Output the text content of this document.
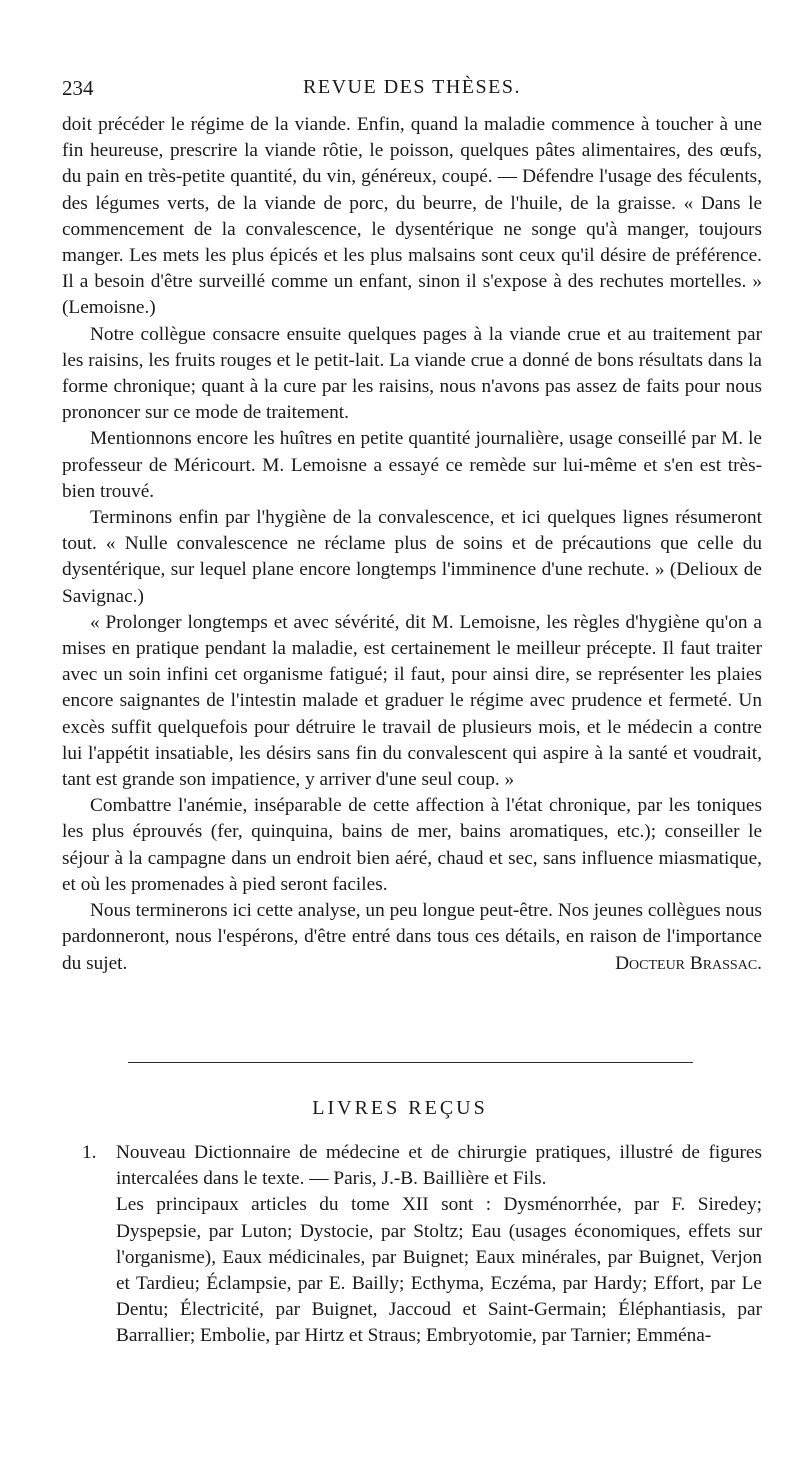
234	REVUE DES THÈSES.

doit précéder le régime de la viande. Enfin, quand la maladie commence à toucher à une fin heureuse, prescrire la viande rôtie, le poisson, quelques pâtes alimentaires, des œufs, du pain en très-petite quantité, du vin, généreux, coupé. — Défendre l'usage des féculents, des légumes verts, de la viande de porc, du beurre, de l'huile, de la graisse. « Dans le commencement de la convalescence, le dysentérique ne songe qu'à manger, toujours manger. Les mets les plus épicés et les plus malsains sont ceux qu'il désire de préférence. Il a besoin d'être surveillé comme un enfant, sinon il s'expose à des rechutes mortelles. » (Lemoisne.)

Notre collègue consacre ensuite quelques pages à la viande crue et au traitement par les raisins, les fruits rouges et le petit-lait. La viande crue a donné de bons résultats dans la forme chronique; quant à la cure par les raisins, nous n'avons pas assez de faits pour nous prononcer sur ce mode de traitement.

Mentionnons encore les huîtres en petite quantité journalière, usage conseillé par M. le professeur de Méricourt. M. Lemoisne a essayé ce remède sur lui-même et s'en est très-bien trouvé.

Terminons enfin par l'hygiène de la convalescence, et ici quelques lignes résumeront tout. « Nulle convalescence ne réclame plus de soins et de précautions que celle du dysentérique, sur lequel plane encore longtemps l'imminence d'une rechute. » (Delioux de Savignac.)

« Prolonger longtemps et avec sévérité, dit M. Lemoisne, les règles d'hygiène qu'on a mises en pratique pendant la maladie, est certainement le meilleur précepte. Il faut traiter avec un soin infini cet organisme fatigué; il faut, pour ainsi dire, se représenter les plaies encore saignantes de l'intestin malade et graduer le régime avec prudence et fermeté. Un excès suffit quelquefois pour détruire le travail de plusieurs mois, et le médecin a contre lui l'appétit insatiable, les désirs sans fin du convalescent qui aspire à la santé et voudrait, tant est grande son impatience, y arriver d'une seul coup. »

Combattre l'anémie, inséparable de cette affection à l'état chronique, par les toniques les plus éprouvés (fer, quinquina, bains de mer, bains aromatiques, etc.); conseiller le séjour à la campagne dans un endroit bien aéré, chaud et sec, sans influence miasmatique, et où les promenades à pied seront faciles.

Nous terminerons ici cette analyse, un peu longue peut-être. Nos jeunes collègues nous pardonneront, nous l'espérons, d'être entré dans tous ces détails, en raison de l'importance du sujet.	Docteur Brassac.

LIVRES REÇUS
1. Nouveau Dictionnaire de médecine et de chirurgie pratiques, illustré de figures intercalées dans le texte. — Paris, J.-B. Baillière et Fils.

Les principaux articles du tome XII sont : Dysménorrhée, par F. Siredey; Dyspepsie, par Luton; Dystocie, par Stoltz; Eau (usages économiques, effets sur l'organisme), Eaux médicinales, par Buignet; Eaux minérales, par Buignet, Verjon et Tardieu; Éclampsie, par E. Bailly; Ecthyma, Eczéma, par Hardy; Effort, par Le Dentu; Électricité, par Buignet, Jaccoud et Saint-Germain; Éléphantiasis, par Barrallier; Embolie, par Hirtz et Straus; Embryotomie, par Tarnier; Emména-
